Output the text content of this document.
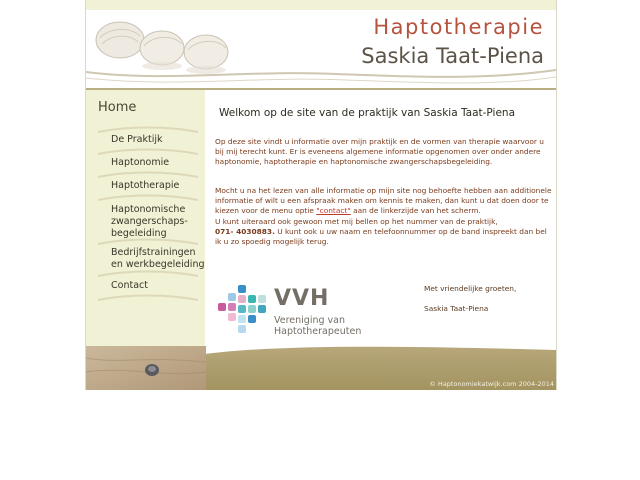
Haptotherapie
Saskia Taat-Piena
Home
De Praktijk
Haptonomie
Haptotherapie
Haptonomische zwangerschaps-begeleiding
Bedrijfstrainingen en werkbegeleiding
Contact
Welkom op de site van de praktijk van Saskia Taat-Piena
Op deze site vindt u informatie over mijn praktijk en de vormen van therapie waarvoor u bij mij terecht kunt. Er is eveneens algemene informatie opgenomen over onder andere haptonomie, haptotherapie en haptonomische zwangerschapsbegeleiding.
Mocht u na het lezen van alle informatie op mijn site nog behoefte hebben aan additionele informatie of wilt u een afspraak maken om kennis te maken, dan kunt u dat doen door te kiezen voor de menu optie "contact" aan de linkerzijde van het scherm.
U kunt uiteraard ook gewoon met mij bellen op het nummer van de praktijk,
071- 4030883. U kunt ook u uw naam en telefoonnummer op de band inspreekt dan bel ik u zo spoedig mogelijk terug.
Met vriendelijke groeten,
Saskia Taat-Piena
VVH
Vereniging van Haptotherapeuten
© Haptonomiekatwijk.com 2004-2014
